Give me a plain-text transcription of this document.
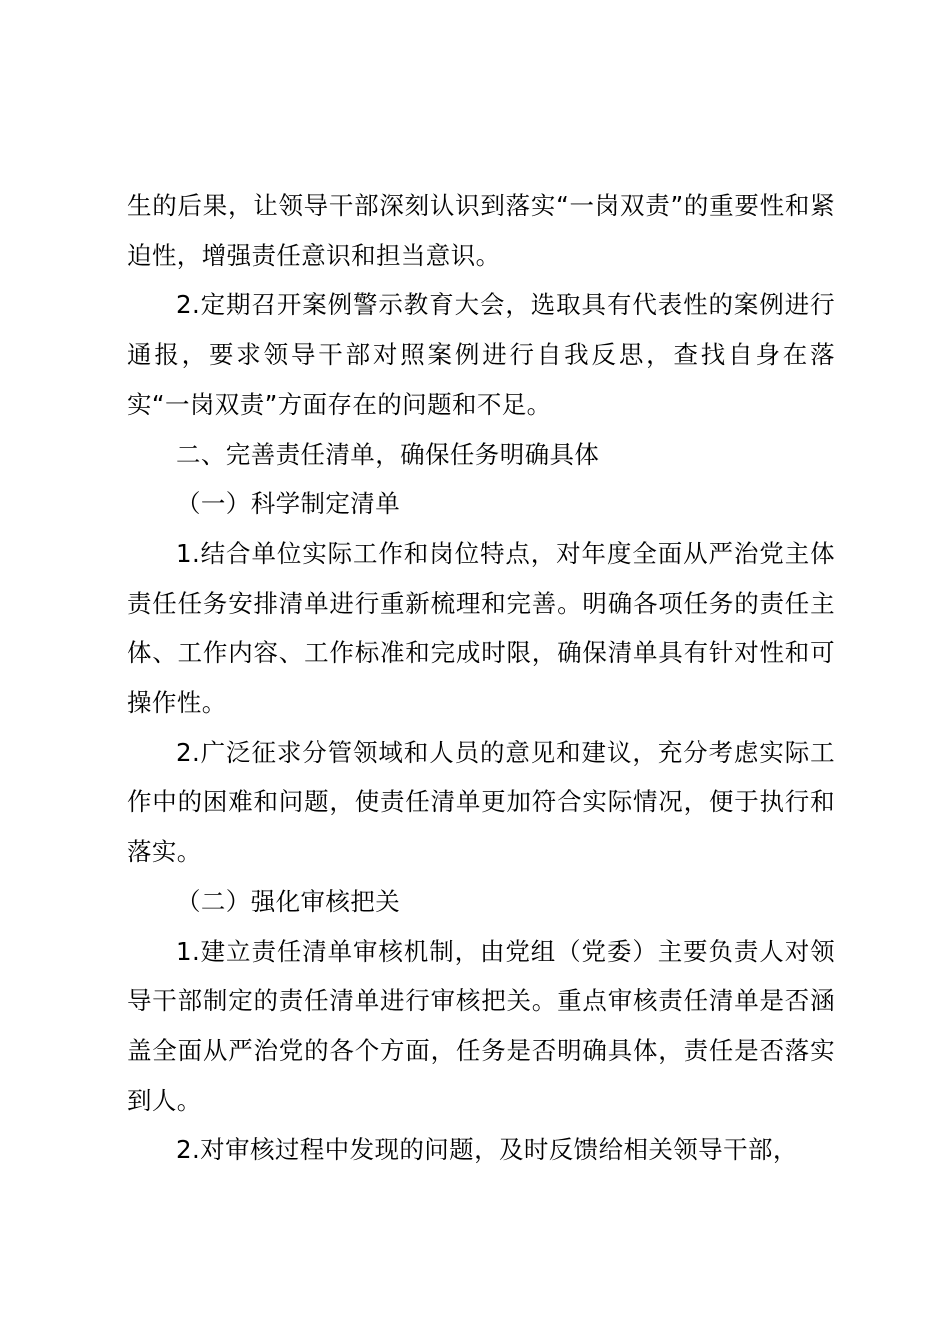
生的后果，让领导干部深刻认识到落实“一岗双责”的重要性和紧迫性，增强责任意识和担当意识。

2.定期召开案例警示教育大会，选取具有代表性的案例进行通报，要求领导干部对照案例进行自我反思，查找自身在落实“一岗双责”方面存在的问题和不足。

二、完善责任清单，确保任务明确具体

（一）科学制定清单

1.结合单位实际工作和岗位特点，对年度全面从严治党主体责任任务安排清单进行重新梳理和完善。明确各项任务的责任主体、工作内容、工作标准和完成时限，确保清单具有针对性和可操作性。

2.广泛征求分管领域和人员的意见和建议，充分考虑实际工作中的困难和问题，使责任清单更加符合实际情况，便于执行和落实。

（二）强化审核把关

1.建立责任清单审核机制，由党组（党委）主要负责人对领导干部制定的责任清单进行审核把关。重点审核责任清单是否涵盖全面从严治党的各个方面，任务是否明确具体，责任是否落实到人。

2.对审核过程中发现的问题，及时反馈给相关领导干部，
